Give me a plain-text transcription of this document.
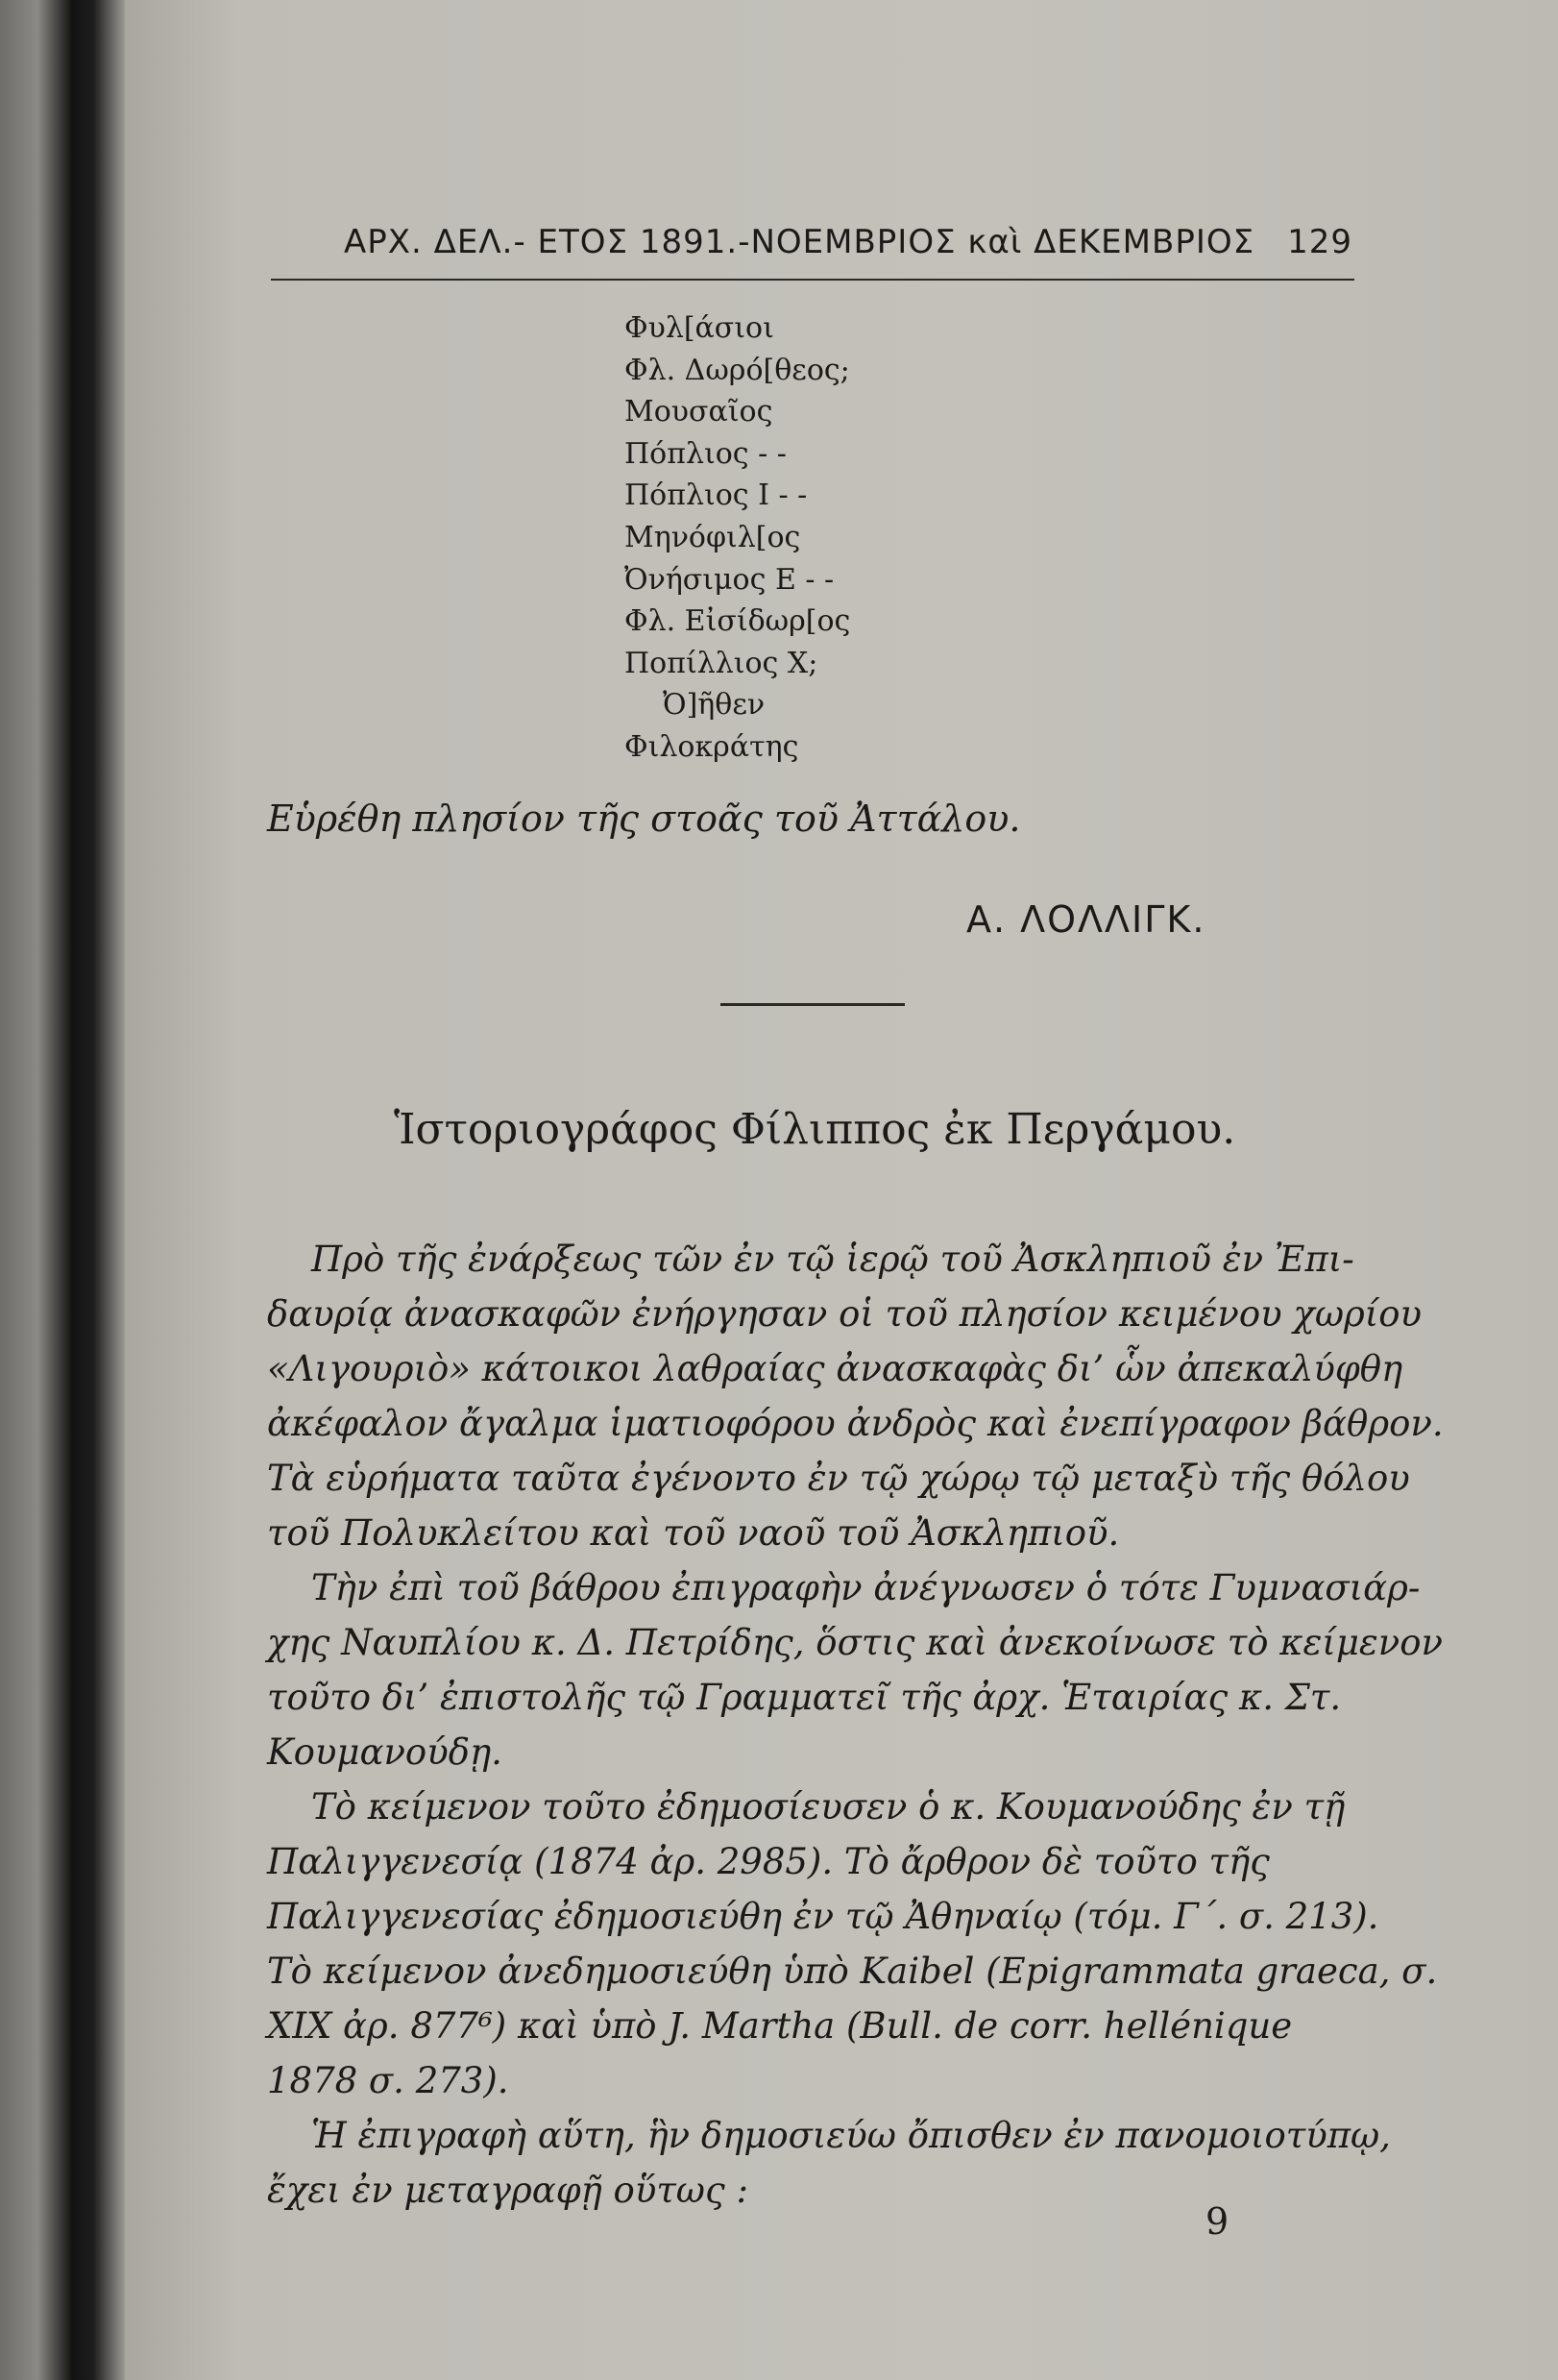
ΑΡΧ. ΔΕΛ.- ΕΤΟΣ 1891.-ΝΟΕΜΒΡΙΟΣ καὶ ΔΕΚΕΜΒΡΙΟΣ 129
Φυλ[άσιοι
Φλ. Δωρό[θεος;
Μουσαῖος
Πόπλιος - -
Πόπλιος Ι - -
Μηνόφιλ[ος
Ὀνήσιμος Ε - -
Φλ. Εἰσίδωρ[ος
Ποπίλλιος Χ;
Ὀ]ῆθεν
Φιλοκράτης
Εὑρέθη πλησίον τῆς στοᾶς τοῦ Ἀττάλου.
Α. ΛΟΛΛΙΓΚ.
Ἱστοριογράφος Φίλιππος ἐκ Περγάμου.
Πρὸ τῆς ἐνάρξεως τῶν ἐν τῷ ἱερῷ τοῦ Ἀσκληπιοῦ ἐν Ἐπι-
δαυρίᾳ ἀνασκαφῶν ἐνήργησαν οἱ τοῦ πλησίον κειμένου χωρίου
«Λιγουριὸ» κάτοικοι λαθραίας ἀνασκαφὰς δι’ ὧν ἀπεκαλύφθη
ἀκέφαλον ἄγαλμα ἱματιοφόρου ἀνδρὸς καὶ ἐνεπίγραφον βάθρον.
Τὰ εὑρήματα ταῦτα ἐγένοντο ἐν τῷ χώρῳ τῷ μεταξὺ τῆς θόλου
τοῦ Πολυκλείτου καὶ τοῦ ναοῦ τοῦ Ἀσκληπιοῦ.
Τὴν ἐπὶ τοῦ βάθρου ἐπιγραφὴν ἀνέγνωσεν ὁ τότε Γυμνασιάρ-
χης Ναυπλίου κ. Δ. Πετρίδης, ὅστις καὶ ἀνεκοίνωσε τὸ κείμενον
τοῦτο δι’ ἐπιστολῆς τῷ Γραμματεῖ τῆς ἀρχ. Ἑταιρίας κ. Στ.
Κουμανούδῃ.
Τὸ κείμενον τοῦτο ἐδημοσίευσεν ὁ κ. Κουμανούδης ἐν τῇ
Παλιγγενεσίᾳ (1874 ἀρ. 2985). Τὸ ἄρθρον δὲ τοῦτο τῆς
Παλιγγενεσίας ἐδημοσιεύθη ἐν τῷ Ἀθηναίῳ (τόμ. Γ΄. σ. 213).
Τὸ κείμενον ἀνεδημοσιεύθη ὑπὸ Kaibel (Epigrammata graeca, σ.
XIX ἀρ. 877⁶) καὶ ὑπὸ J. Martha (Bull. de corr. hellénique
1878 σ. 273).
Ἡ ἐπιγραφὴ αὕτη, ἣν δημοσιεύω ὄπισθεν ἐν πανομοιοτύπῳ,
ἔχει ἐν μεταγραφῇ οὕτως :
9
